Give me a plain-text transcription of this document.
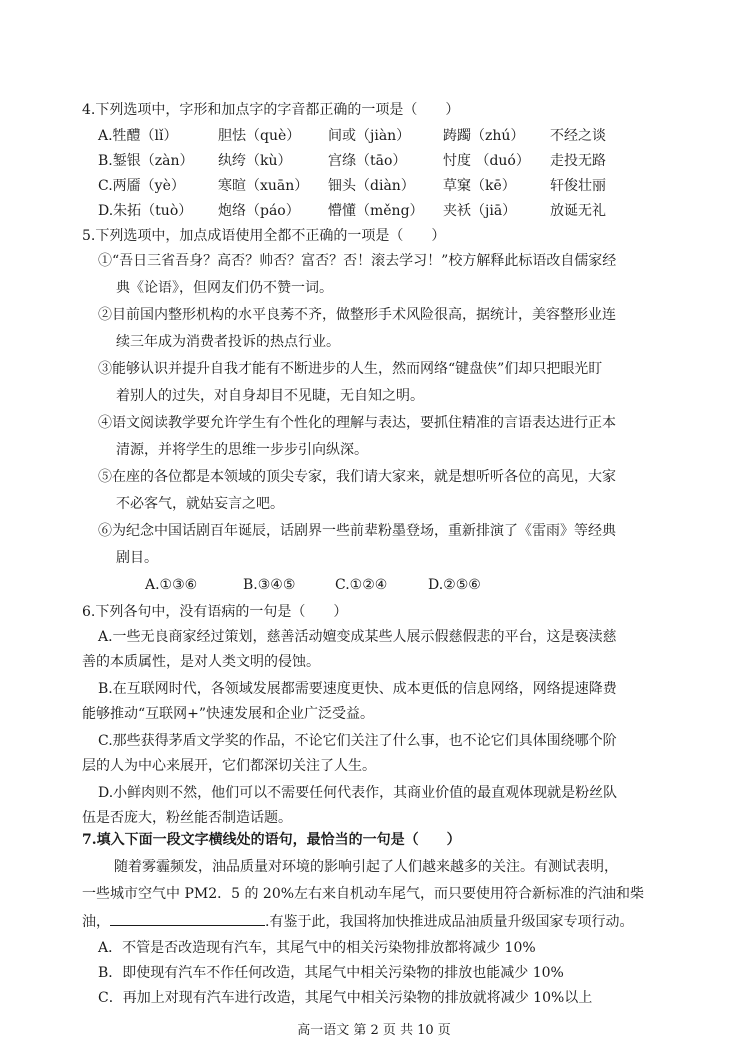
4.下列选项中，字形和加点字的字音都正确的一项是（　　）
A.牲醴（lǐ）	胆怯（què） 间或（jiàn） 踌躅（zhú） 不经之谈
B.錾银（zàn） 纨绔（kù）	宫绦（tāo）	忖度 （duó） 走投无路
C.两靥（yè） 寒暄（xuān） 钿头（diàn） 草窠（kē） 轩俊壮丽
D.朱拓（tuò） 炮络（páo） 懵懂（měng） 夹袄（jiā） 放诞无礼
5.下列选项中，加点成语使用全都不正确的一项是（　　）
①“吾日三省吾身？高否？帅否？富否？否！滚去学习！”校方解释此标语改自儒家经
典《论语》，但网友们仍不赞一词。
②目前国内整形机构的水平良莠不齐，做整形手术风险很高，据统计，美容整形业连
续三年成为消费者投诉的热点行业。
③能够认识并提升自我才能有不断进步的人生，然而网络“键盘侠”们却只把眼光盯
着别人的过失，对自身却目不见睫，无自知之明。
④语文阅读教学要允许学生有个性化的理解与表达，要抓住精准的言语表达进行正本
清源，并将学生的思维一步步引向纵深。
⑤在座的各位都是本领域的顶尖专家，我们请大家来，就是想听听各位的高见，大家
不必客气，就姑妄言之吧。
⑥为纪念中国话剧百年诞辰，话剧界一些前辈粉墨登场，重新排演了《雷雨》等经典
剧目。
A.①③⑥	B.③④⑤	C.①②④	D.②⑤⑥
6.下列各句中，没有语病的一句是（　　）
A.一些无良商家经过策划，慈善活动嬗变成某些人展示假慈假悲的平台，这是亵渎慈
善的本质属性，是对人类文明的侵蚀。
B.在互联网时代，各领域发展都需要速度更快、成本更低的信息网络，网络提速降费
能够推动“互联网+”快速发展和企业广泛受益。
C.那些获得茅盾文学奖的作品，不论它们关注了什么事，也不论它们具体围绕哪个阶
层的人为中心来展开，它们都深切关注了人生。
D.小鲜肉则不然，他们可以不需要任何代表作，其商业价值的最直观体现就是粉丝队
伍是否庞大，粉丝能否制造话题。
7.填入下面一段文字横线处的语句，最恰当的一句是（　　）
随着雾霾频发，油品质量对环境的影响引起了人们越来越多的关注。有测试表明，
一些城市空气中 PM2．5 的 20%左右来自机动车尾气，而只要使用符合新标准的汽油和柴
油，	.有鉴于此，我国将加快推进成品油质量升级国家专项行动。
A．不管是否改造现有汽车，其尾气中的相关污染物排放都将减少 10%
B．即使现有汽车不作任何改造，其尾气中相关污染物的排放也能减少 10%
C．再加上对现有汽车进行改造，其尾气中相关污染物的排放就将减少 10%以上
高一语文 第 2 页 共 10 页
